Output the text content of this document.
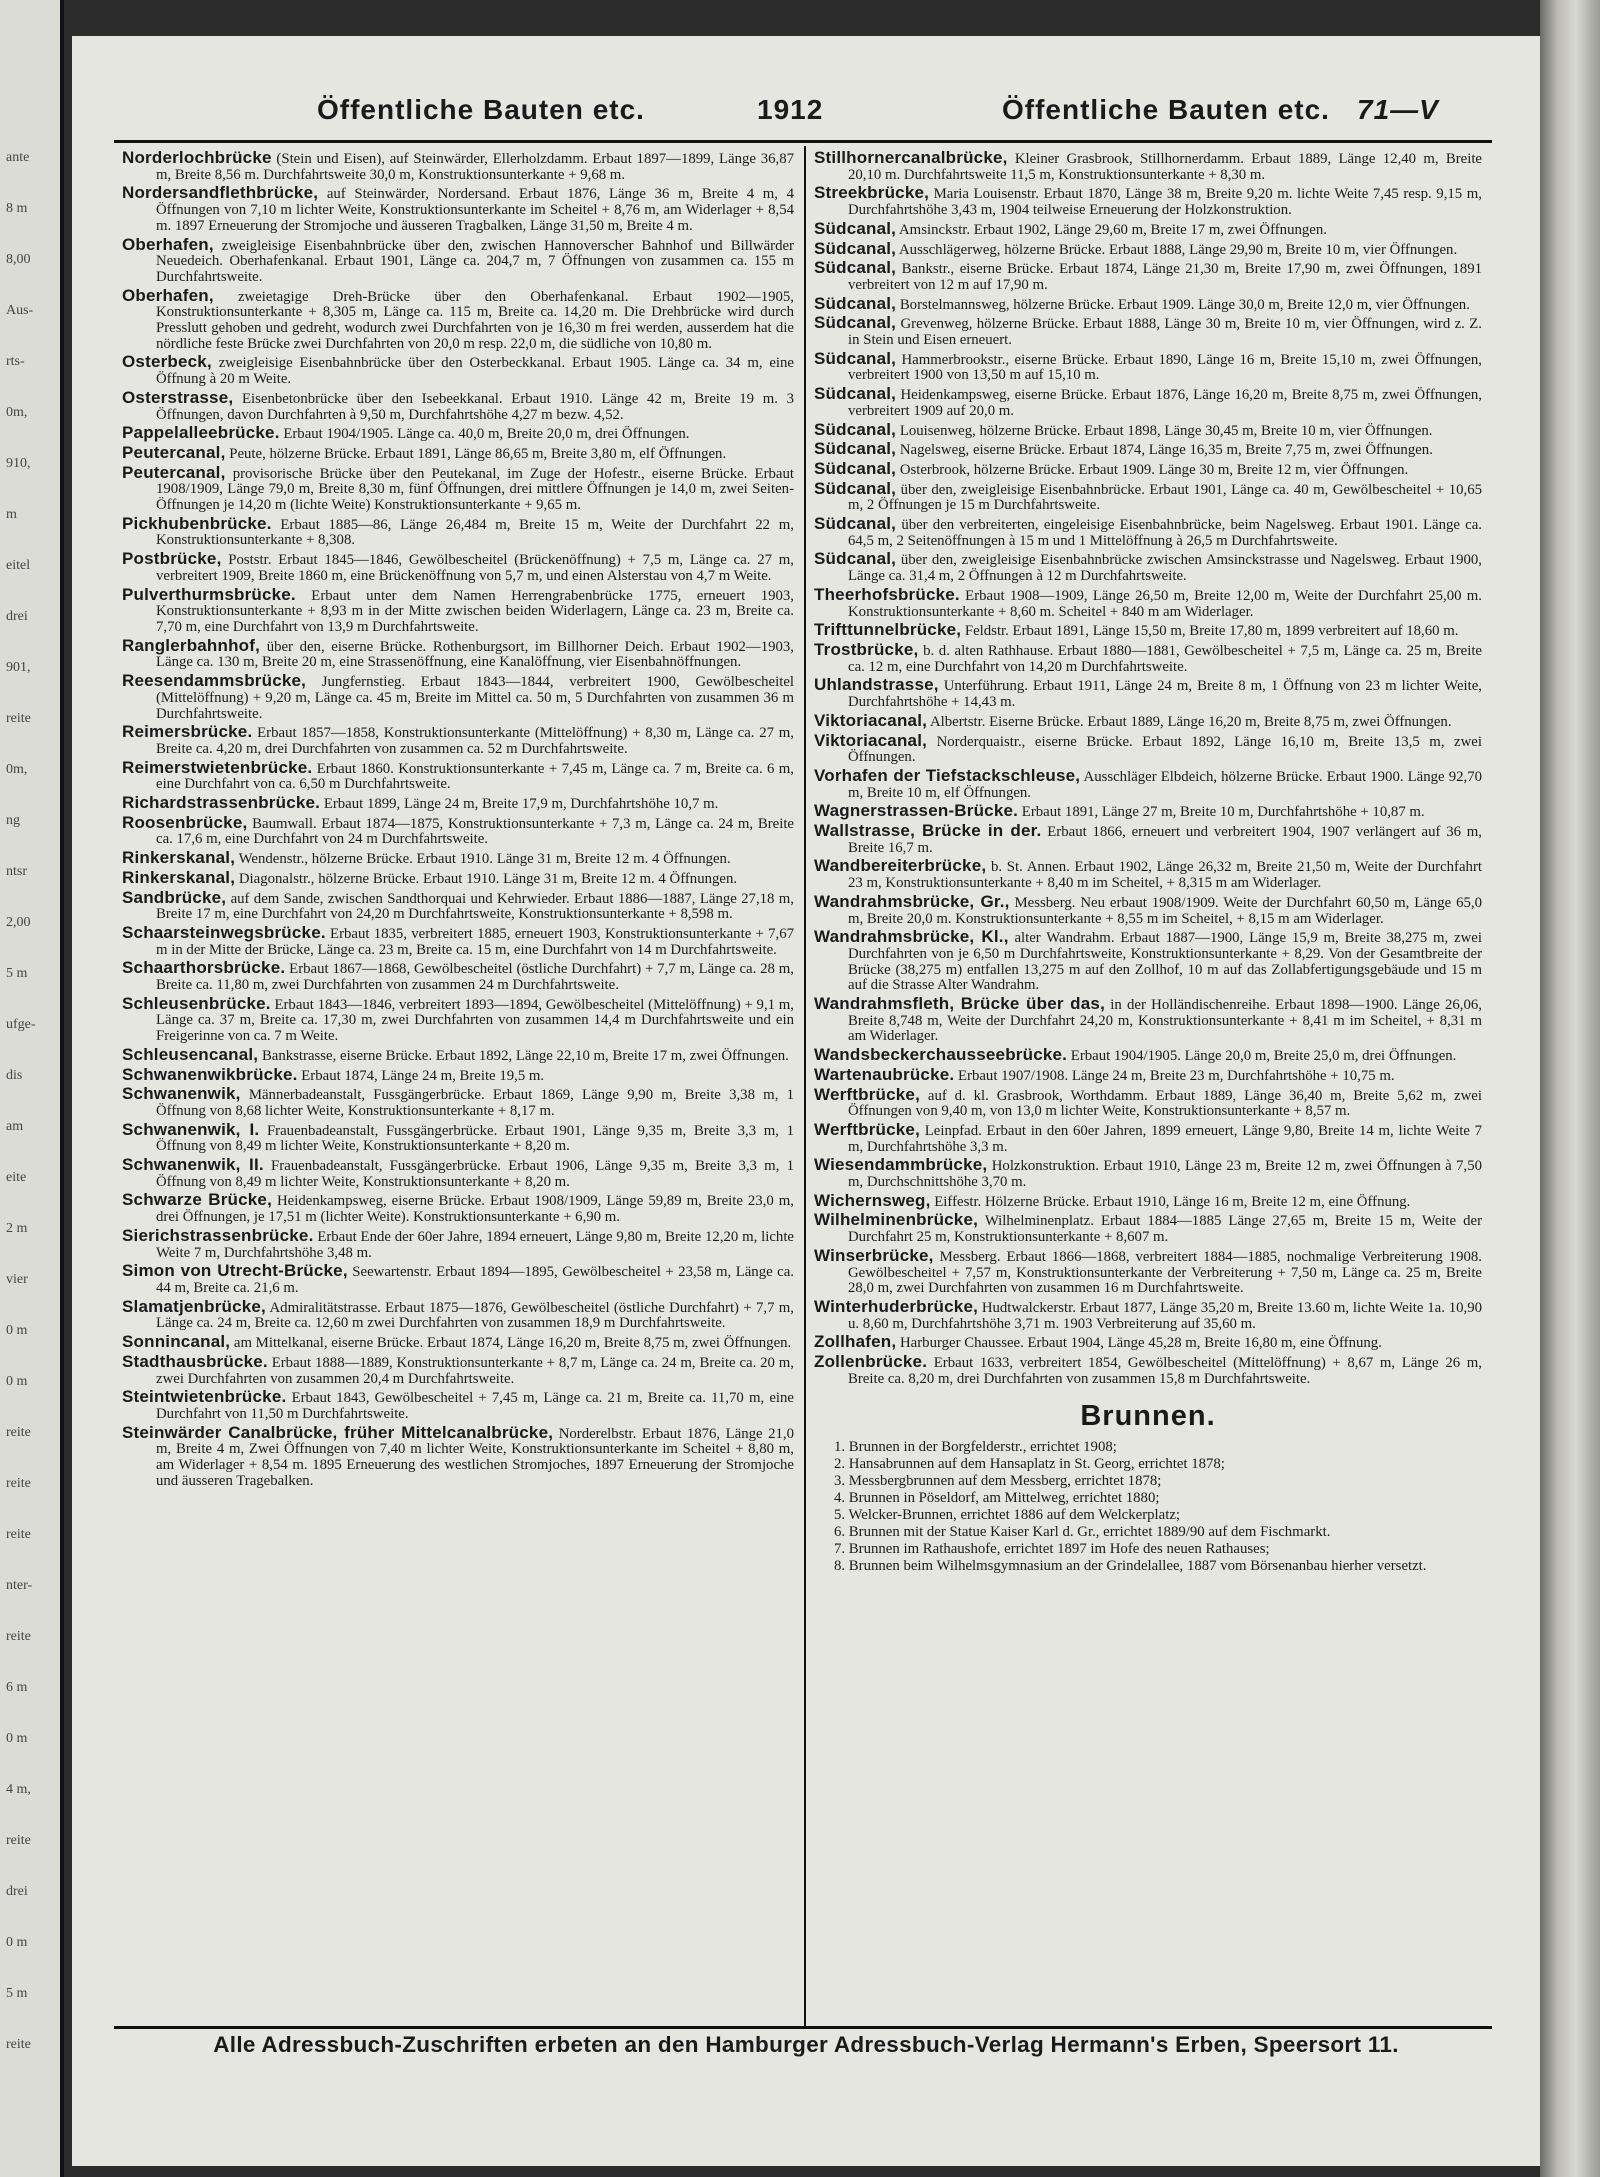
ante
8 m
8,00
Aus-
rts-
0m,
910,
m
eitel
drei
901,
reite
0m,
ng
ntsr
2,00
5 m
ufge-
dis
am
eite
2 m
vier
0 m
0 m
reite
reite
reite
nter-
reite
6 m
0 m
4 m,
reite
drei
0 m
5 m
reite
Öffentliche Bauten etc.	1912	Öffentliche Bauten etc. 71—V

Norderlochbrücke (Stein und Eisen), auf Steinwärder, Ellerholzdamm. Erbaut 1897—1899, Länge 36,87 m, Breite 8,56 m. Durchfahrtsweite 30,0 m, Konstruktionsunterkante + 9,68 m.

Nordersandflethbrücke, auf Steinwärder, Nordersand. Erbaut 1876, Länge 36 m, Breite 4 m, 4 Öffnungen von 7,10 m lichter Weite, Konstruktionsunterkante im Scheitel + 8,76 m, am Widerlager + 8,54 m. 1897 Erneuerung der Stromjoche und äusseren Tragbalken, Länge 31,50 m, Breite 4 m.

Oberhafen, zweigleisige Eisenbahnbrücke über den, zwischen Hannoverscher Bahnhof und Billwärder Neuedeich. Oberhafenkanal. Erbaut 1901, Länge ca. 204,7 m, 7 Öffnungen von zusammen ca. 155 m Durchfahrtsweite.

Oberhafen, zweietagige Dreh-Brücke über den Oberhafenkanal. Erbaut 1902—1905, Konstruktionsunterkante + 8,305 m, Länge ca. 115 m, Breite ca. 14,20 m. Die Drehbrücke wird durch Presslutt gehoben und gedreht, wodurch zwei Durchfahrten von je 16,30 m frei werden, ausserdem hat die nördliche feste Brücke zwei Durchfahrten von 20,0 m resp. 22,0 m, die südliche von 10,80 m.

Osterbeck, zweigleisige Eisenbahnbrücke über den Osterbeckkanal. Erbaut 1905. Länge ca. 34 m, eine Öffnung à 20 m Weite.

Osterstrasse, Eisenbetonbrücke über den Isebeekkanal. Erbaut 1910. Länge 42 m, Breite 19 m. 3 Öffnungen, davon Durchfahrten à 9,50 m, Durchfahrtshöhe 4,27 m bezw. 4,52.

Pappelalleebrücke. Erbaut 1904/1905. Länge ca. 40,0 m, Breite 20,0 m, drei Öffnungen.

Peutercanal, Peute, hölzerne Brücke. Erbaut 1891, Länge 86,65 m, Breite 3,80 m, elf Öffnungen.

Peutercanal, provisorische Brücke über den Peutekanal, im Zuge der Hofestr., eiserne Brücke. Erbaut 1908/1909, Länge 79,0 m, Breite 8,30 m, fünf Öffnungen, drei mittlere Öffnungen je 14,0 m, zwei Seiten-Öffnungen je 14,20 m (lichte Weite) Konstruktionsunterkante + 9,65 m.

Pickhubenbrücke. Erbaut 1885—86, Länge 26,484 m, Breite 15 m, Weite der Durchfahrt 22 m, Konstruktionsunterkante + 8,308.

Postbrücke, Poststr. Erbaut 1845—1846, Gewölbescheitel (Brückenöffnung) + 7,5 m, Länge ca. 27 m, verbreitert 1909, Breite 1860 m, eine Brückenöffnung von 5,7 m, und einen Alsterstau von 4,7 m Weite.

Pulverthurmsbrücke. Erbaut unter dem Namen Herrengrabenbrücke 1775, erneuert 1903, Konstruktionsunterkante + 8,93 m in der Mitte zwischen beiden Widerlagern, Länge ca. 23 m, Breite ca. 7,70 m, eine Durchfahrt von 13,9 m Durchfahrtsweite.

Ranglerbahnhof, über den, eiserne Brücke. Rothenburgsort, im Billhorner Deich. Erbaut 1902—1903, Länge ca. 130 m, Breite 20 m, eine Strassenöffnung, eine Kanalöffnung, vier Eisenbahnöffnungen.

Reesendammsbrücke, Jungfernstieg. Erbaut 1843—1844, verbreitert 1900, Gewölbescheitel (Mittelöffnung) + 9,20 m, Länge ca. 45 m, Breite im Mittel ca. 50 m, 5 Durchfahrten von zusammen 36 m Durchfahrtsweite.

Reimersbrücke. Erbaut 1857—1858, Konstruktionsunterkante (Mittelöffnung) + 8,30 m, Länge ca. 27 m, Breite ca. 4,20 m, drei Durchfahrten von zusammen ca. 52 m Durchfahrtsweite.

Reimerstwietenbrücke. Erbaut 1860. Konstruktionsunterkante + 7,45 m, Länge ca. 7 m, Breite ca. 6 m, eine Durchfahrt von ca. 6,50 m Durchfahrtsweite.

Richardstrassenbrücke. Erbaut 1899, Länge 24 m, Breite 17,9 m, Durchfahrtshöhe 10,7 m.

Roosenbrücke, Baumwall. Erbaut 1874—1875, Konstruktionsunterkante + 7,3 m, Länge ca. 24 m, Breite ca. 17,6 m, eine Durchfahrt von 24 m Durchfahrtsweite.

Rinkerskanal, Wendenstr., hölzerne Brücke. Erbaut 1910. Länge 31 m, Breite 12 m. 4 Öffnungen.

Rinkerskanal, Diagonalstr., hölzerne Brücke. Erbaut 1910. Länge 31 m, Breite 12 m. 4 Öffnungen.

Sandbrücke, auf dem Sande, zwischen Sandthorquai und Kehrwieder. Erbaut 1886—1887, Länge 27,18 m, Breite 17 m, eine Durchfahrt von 24,20 m Durchfahrtsweite, Konstruktionsunterkante + 8,598 m.

Schaarsteinwegsbrücke. Erbaut 1835, verbreitert 1885, erneuert 1903, Konstruktionsunterkante + 7,67 m in der Mitte der Brücke, Länge ca. 23 m, Breite ca. 15 m, eine Durchfahrt von 14 m Durchfahrtsweite.

Schaarthorsbrücke. Erbaut 1867—1868, Gewölbescheitel (östliche Durchfahrt) + 7,7 m, Länge ca. 28 m, Breite ca. 11,80 m, zwei Durchfahrten von zusammen 24 m Durchfahrtsweite.

Schleusenbrücke. Erbaut 1843—1846, verbreitert 1893—1894, Gewölbescheitel (Mittelöffnung) + 9,1 m, Länge ca. 37 m, Breite ca. 17,30 m, zwei Durchfahrten von zusammen 14,4 m Durchfahrtsweite und ein Freigerinne von ca. 7 m Weite.

Schleusencanal, Bankstrasse, eiserne Brücke. Erbaut 1892, Länge 22,10 m, Breite 17 m, zwei Öffnungen.

Schwanenwikbrücke. Erbaut 1874, Länge 24 m, Breite 19,5 m.

Schwanenwik, Männerbadeanstalt, Fussgängerbrücke. Erbaut 1869, Länge 9,90 m, Breite 3,38 m, 1 Öffnung von 8,68 lichter Weite, Konstruktionsunterkante + 8,17 m.

Schwanenwik, I. Frauenbadeanstalt, Fussgängerbrücke. Erbaut 1901, Länge 9,35 m, Breite 3,3 m, 1 Öffnung von 8,49 m lichter Weite, Konstruktionsunterkante + 8,20 m.

Schwanenwik, II. Frauenbadeanstalt, Fussgängerbrücke. Erbaut 1906, Länge 9,35 m, Breite 3,3 m, 1 Öffnung von 8,49 m lichter Weite, Konstruktionsunterkante + 8,20 m.

Schwarze Brücke, Heidenkampsweg, eiserne Brücke. Erbaut 1908/1909, Länge 59,89 m, Breite 23,0 m, drei Öffnungen, je 17,51 m (lichter Weite). Konstruktionsunterkante + 6,90 m.

Sierichstrassenbrücke. Erbaut Ende der 60er Jahre, 1894 erneuert, Länge 9,80 m, Breite 12,20 m, lichte Weite 7 m, Durchfahrtshöhe 3,48 m.

Simon von Utrecht-Brücke, Seewartenstr. Erbaut 1894—1895, Gewölbescheitel + 23,58 m, Länge ca. 44 m, Breite ca. 21,6 m.

Slamatjenbrücke, Admiralitätstrasse. Erbaut 1875—1876, Gewölbescheitel (östliche Durchfahrt) + 7,7 m, Länge ca. 24 m, Breite ca. 12,60 m zwei Durchfahrten von zusammen 18,9 m Durchfahrtsweite.

Sonnincanal, am Mittelkanal, eiserne Brücke. Erbaut 1874, Länge 16,20 m, Breite 8,75 m, zwei Öffnungen.

Stadthausbrücke. Erbaut 1888—1889, Konstruktionsunterkante + 8,7 m, Länge ca. 24 m, Breite ca. 20 m, zwei Durchfahrten von zusammen 20,4 m Durchfahrtsweite.

Steintwietenbrücke. Erbaut 1843, Gewölbescheitel + 7,45 m, Länge ca. 21 m, Breite ca. 11,70 m, eine Durchfahrt von 11,50 m Durchfahrtsweite.

Steinwärder Canalbrücke, früher Mittelcanalbrücke, Norderelbstr. Erbaut 1876, Länge 21,0 m, Breite 4 m, Zwei Öffnungen von 7,40 m lichter Weite, Konstruktionsunterkante im Scheitel + 8,80 m, am Widerlager + 8,54 m. 1895 Erneuerung des westlichen Stromjoches, 1897 Erneuerung der Stromjoche und äusseren Tragebalken.

Stillhornercanalbrücke, Kleiner Grasbrook, Stillhornerdamm. Erbaut 1889, Länge 12,40 m, Breite 20,10 m. Durchfahrtsweite 11,5 m, Konstruktionsunterkante + 8,30 m.

Streekbrücke, Maria Louisenstr. Erbaut 1870, Länge 38 m, Breite 9,20 m. lichte Weite 7,45 resp. 9,15 m, Durchfahrtshöhe 3,43 m, 1904 teilweise Erneuerung der Holzkonstruktion.

Südcanal, Amsinckstr. Erbaut 1902, Länge 29,60 m, Breite 17 m, zwei Öffnungen.

Südcanal, Ausschlägerweg, hölzerne Brücke. Erbaut 1888, Länge 29,90 m, Breite 10 m, vier Öffnungen.

Südcanal, Bankstr., eiserne Brücke. Erbaut 1874, Länge 21,30 m, Breite 17,90 m, zwei Öffnungen, 1891 verbreitert von 12 m auf 17,90 m.

Südcanal, Borstelmannsweg, hölzerne Brücke. Erbaut 1909. Länge 30,0 m, Breite 12,0 m, vier Öffnungen.

Südcanal, Grevenweg, hölzerne Brücke. Erbaut 1888, Länge 30 m, Breite 10 m, vier Öffnungen, wird z. Z. in Stein und Eisen erneuert.

Südcanal, Hammerbrookstr., eiserne Brücke. Erbaut 1890, Länge 16 m, Breite 15,10 m, zwei Öffnungen, verbreitert 1900 von 13,50 m auf 15,10 m.

Südcanal, Heidenkampsweg, eiserne Brücke. Erbaut 1876, Länge 16,20 m, Breite 8,75 m, zwei Öffnungen, verbreitert 1909 auf 20,0 m.

Südcanal, Louisenweg, hölzerne Brücke. Erbaut 1898, Länge 30,45 m, Breite 10 m, vier Öffnungen.

Südcanal, Nagelsweg, eiserne Brücke. Erbaut 1874, Länge 16,35 m, Breite 7,75 m, zwei Öffnungen.

Südcanal, Osterbrook, hölzerne Brücke. Erbaut 1909. Länge 30 m, Breite 12 m, vier Öffnungen.

Südcanal, über den, zweigleisige Eisenbahnbrücke. Erbaut 1901, Länge ca. 40 m, Gewölbescheitel + 10,65 m, 2 Öffnungen je 15 m Durchfahrtsweite.

Südcanal, über den verbreiterten, eingeleisige Eisenbahnbrücke, beim Nagelsweg. Erbaut 1901. Länge ca. 64,5 m, 2 Seitenöffnungen à 15 m und 1 Mittelöffnung à 26,5 m Durchfahrtsweite.

Südcanal, über den, zweigleisige Eisenbahnbrücke zwischen Amsinckstrasse und Nagelsweg. Erbaut 1900, Länge ca. 31,4 m, 2 Öffnungen à 12 m Durchfahrtsweite.

Theerhofsbrücke. Erbaut 1908—1909, Länge 26,50 m, Breite 12,00 m, Weite der Durchfahrt 25,00 m. Konstruktionsunterkante + 8,60 m. Scheitel + 840 m am Widerlager.

Trifttunnelbrücke, Feldstr. Erbaut 1891, Länge 15,50 m, Breite 17,80 m, 1899 verbreitert auf 18,60 m.

Trostbrücke, b. d. alten Rathhause. Erbaut 1880—1881, Gewölbescheitel + 7,5 m, Länge ca. 25 m, Breite ca. 12 m, eine Durchfahrt von 14,20 m Durchfahrtsweite.

Uhlandstrasse, Unterführung. Erbaut 1911, Länge 24 m, Breite 8 m, 1 Öffnung von 23 m lichter Weite, Durchfahrtshöhe + 14,43 m.

Viktoriacanal, Albertstr. Eiserne Brücke. Erbaut 1889, Länge 16,20 m, Breite 8,75 m, zwei Öffnungen.

Viktoriacanal, Norderquaistr., eiserne Brücke. Erbaut 1892, Länge 16,10 m, Breite 13,5 m, zwei Öffnungen.

Vorhafen der Tiefstackschleuse, Ausschläger Elbdeich, hölzerne Brücke. Erbaut 1900. Länge 92,70 m, Breite 10 m, elf Öffnungen.

Wagnerstrassen-Brücke. Erbaut 1891, Länge 27 m, Breite 10 m, Durchfahrtshöhe + 10,87 m.

Wallstrasse, Brücke in der. Erbaut 1866, erneuert und verbreitert 1904, 1907 verlängert auf 36 m, Breite 16,7 m.

Wandbereiterbrücke, b. St. Annen. Erbaut 1902, Länge 26,32 m, Breite 21,50 m, Weite der Durchfahrt 23 m, Konstruktionsunterkante + 8,40 m im Scheitel, + 8,315 m am Widerlager.

Wandrahmsbrücke, Gr., Messberg. Neu erbaut 1908/1909. Weite der Durchfahrt 60,50 m, Länge 65,0 m, Breite 20,0 m. Konstruktionsunterkante + 8,55 m im Scheitel, + 8,15 m am Widerlager.

Wandrahmsbrücke, Kl., alter Wandrahm. Erbaut 1887—1900, Länge 15,9 m, Breite 38,275 m, zwei Durchfahrten von je 6,50 m Durchfahrtsweite, Konstruktionsunterkante + 8,29. Von der Gesamtbreite der Brücke (38,275 m) entfallen 13,275 m auf den Zollhof, 10 m auf das Zollabfertigungsgebäude und 15 m auf die Strasse Alter Wandrahm.

Wandrahmsfleth, Brücke über das, in der Holländischenreihe. Erbaut 1898—1900. Länge 26,06, Breite 8,748 m, Weite der Durchfahrt 24,20 m, Konstruktionsunterkante + 8,41 m im Scheitel, + 8,31 m am Widerlager.

Wandsbeckerchausseebrücke. Erbaut 1904/1905. Länge 20,0 m, Breite 25,0 m, drei Öffnungen.

Wartenaubrücke. Erbaut 1907/1908. Länge 24 m, Breite 23 m, Durchfahrtshöhe + 10,75 m.

Werftbrücke, auf d. kl. Grasbrook, Worthdamm. Erbaut 1889, Länge 36,40 m, Breite 5,62 m, zwei Öffnungen von 9,40 m, von 13,0 m lichter Weite, Konstruktionsunterkante + 8,57 m.

Werftbrücke, Leinpfad. Erbaut in den 60er Jahren, 1899 erneuert, Länge 9,80, Breite 14 m, lichte Weite 7 m, Durchfahrtshöhe 3,3 m.

Wiesendammbrücke, Holzkonstruktion. Erbaut 1910, Länge 23 m, Breite 12 m, zwei Öffnungen à 7,50 m, Durchschnittshöhe 3,70 m.

Wichernsweg, Eiffestr. Hölzerne Brücke. Erbaut 1910, Länge 16 m, Breite 12 m, eine Öffnung.

Wilhelminenbrücke, Wilhelminenplatz. Erbaut 1884—1885 Länge 27,65 m, Breite 15 m, Weite der Durchfahrt 25 m, Konstruktionsunterkante + 8,607 m.

Winserbrücke, Messberg. Erbaut 1866—1868, verbreitert 1884—1885, nochmalige Verbreiterung 1908. Gewölbescheitel + 7,57 m, Konstruktionsunterkante der Verbreiterung + 7,50 m, Länge ca. 25 m, Breite 28,0 m, zwei Durchfahrten von zusammen 16 m Durchfahrtsweite.

Winterhuderbrücke, Hudtwalckerstr. Erbaut 1877, Länge 35,20 m, Breite 13.60 m, lichte Weite 1a. 10,90 u. 8,60 m, Durchfahrtshöhe 3,71 m. 1903 Verbreiterung auf 35,60 m.

Zollhafen, Harburger Chaussee. Erbaut 1904, Länge 45,28 m, Breite 16,80 m, eine Öffnung.

Zollenbrücke. Erbaut 1633, verbreitert 1854, Gewölbescheitel (Mittelöffnung) + 8,67 m, Länge 26 m, Breite ca. 8,20 m, drei Durchfahrten von zusammen 15,8 m Durchfahrtsweite.

Brunnen.
1. Brunnen in der Borgfelderstr., errichtet 1908;
2. Hansabrunnen auf dem Hansaplatz in St. Georg, errichtet 1878;
3. Messbergbrunnen auf dem Messberg, errichtet 1878;
4. Brunnen in Pöseldorf, am Mittelweg, errichtet 1880;
5. Welcker-Brunnen, errichtet 1886 auf dem Welckerplatz;
6. Brunnen mit der Statue Kaiser Karl d. Gr., errichtet 1889/90 auf dem Fischmarkt.
7. Brunnen im Rathaushofe, errichtet 1897 im Hofe des neuen Rathauses;
8. Brunnen beim Wilhelmsgymnasium an der Grindelallee, 1887 vom Börsenanbau hierher versetzt.
Alle Adressbuch-Zuschriften erbeten an den Hamburger Adressbuch-Verlag Hermann's Erben, Speersort 11.
